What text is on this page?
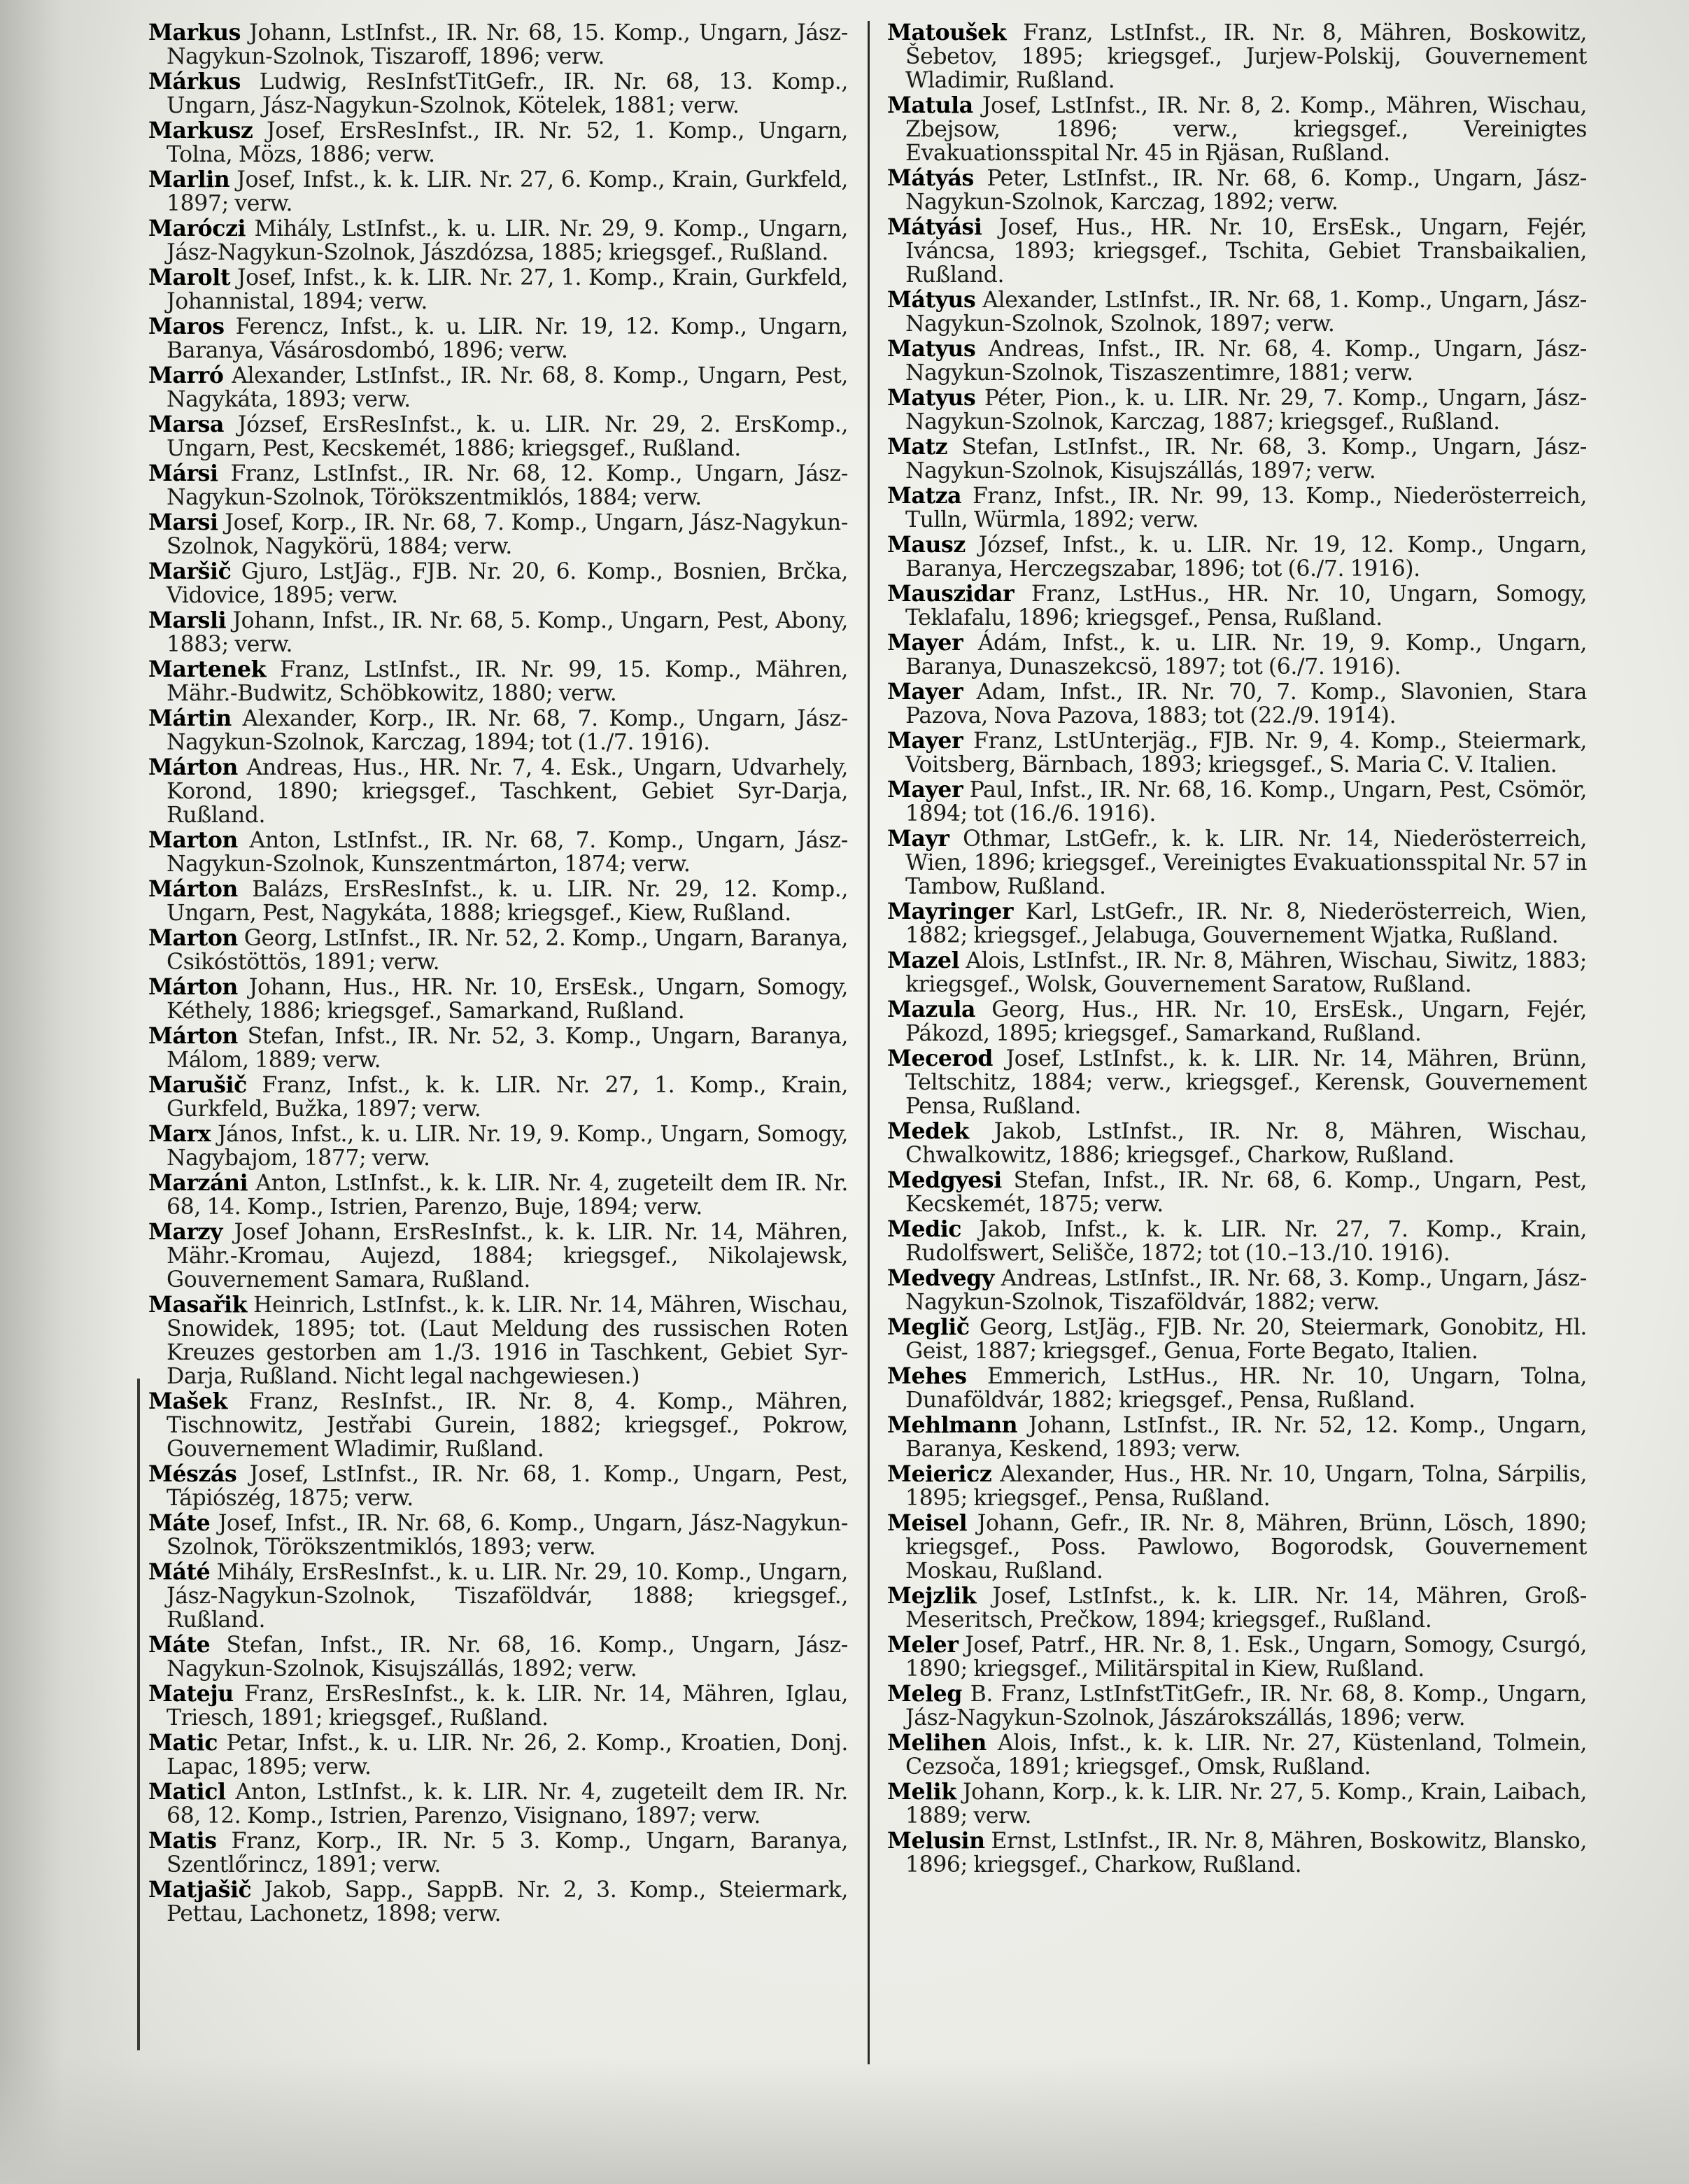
Markus Johann, LstInfst., IR. Nr. 68, 15. Komp., Ungarn, Jász-Nagykun-Szolnok, Tiszaroff, 1896; verw.

Márkus Ludwig, ResInfstTitGefr., IR. Nr. 68, 13. Komp., Ungarn, Jász-Nagykun-Szolnok, Kötelek, 1881; verw.

Markusz Josef, ErsResInfst., IR. Nr. 52, 1. Komp., Ungarn, Tolna, Mözs, 1886; verw.

Marlin Josef, Infst., k. k. LIR. Nr. 27, 6. Komp., Krain, Gurkfeld, 1897; verw.

Maróczi Mihály, LstInfst., k. u. LIR. Nr. 29, 9. Komp., Ungarn, Jász-Nagykun-Szolnok, Jászdózsa, 1885; kriegsgef., Rußland.

Marolt Josef, Infst., k. k. LIR. Nr. 27, 1. Komp., Krain, Gurkfeld, Johannistal, 1894; verw.

Maros Ferencz, Infst., k. u. LIR. Nr. 19, 12. Komp., Ungarn, Baranya, Vásárosdombó, 1896; verw.

Marró Alexander, LstInfst., IR. Nr. 68, 8. Komp., Ungarn, Pest, Nagykáta, 1893; verw.

Marsa József, ErsResInfst., k. u. LIR. Nr. 29, 2. ErsKomp., Ungarn, Pest, Kecskemét, 1886; kriegsgef., Rußland.

Mársi Franz, LstInfst., IR. Nr. 68, 12. Komp., Ungarn, Jász-Nagykun-Szolnok, Törökszentmiklós, 1884; verw.

Marsi Josef, Korp., IR. Nr. 68, 7. Komp., Ungarn, Jász-Nagykun-Szolnok, Nagykörü, 1884; verw.

Maršič Gjuro, LstJäg., FJB. Nr. 20, 6. Komp., Bosnien, Brčka, Vidovice, 1895; verw.

Marsli Johann, Infst., IR. Nr. 68, 5. Komp., Ungarn, Pest, Abony, 1883; verw.

Martenek Franz, LstInfst., IR. Nr. 99, 15. Komp., Mähren, Mähr.-Budwitz, Schöbkowitz, 1880; verw.

Mártin Alexander, Korp., IR. Nr. 68, 7. Komp., Ungarn, Jász-Nagykun-Szolnok, Karczag, 1894; tot (1./7. 1916).

Márton Andreas, Hus., HR. Nr. 7, 4. Esk., Ungarn, Udvarhely, Korond, 1890; kriegsgef., Taschkent, Gebiet Syr-Darja, Rußland.

Marton Anton, LstInfst., IR. Nr. 68, 7. Komp., Ungarn, Jász-Nagykun-Szolnok, Kunszentmárton, 1874; verw.

Márton Balázs, ErsResInfst., k. u. LIR. Nr. 29, 12. Komp., Ungarn, Pest, Nagykáta, 1888; kriegsgef., Kiew, Rußland.

Marton Georg, LstInfst., IR. Nr. 52, 2. Komp., Ungarn, Baranya, Csikóstöttös, 1891; verw.

Márton Johann, Hus., HR. Nr. 10, ErsEsk., Ungarn, Somogy, Kéthely, 1886; kriegsgef., Samarkand, Rußland.

Márton Stefan, Infst., IR. Nr. 52, 3. Komp., Ungarn, Baranya, Málom, 1889; verw.

Marušič Franz, Infst., k. k. LIR. Nr. 27, 1. Komp., Krain, Gurkfeld, Bužka, 1897; verw.

Marx János, Infst., k. u. LIR. Nr. 19, 9. Komp., Ungarn, Somogy, Nagybajom, 1877; verw.

Marzáni Anton, LstInfst., k. k. LIR. Nr. 4, zugeteilt dem IR. Nr. 68, 14. Komp., Istrien, Parenzo, Buje, 1894; verw.

Marzy Josef Johann, ErsResInfst., k. k. LIR. Nr. 14, Mähren, Mähr.-Kromau, Aujezd, 1884; kriegsgef., Nikolajewsk, Gouvernement Samara, Rußland.

Masařik Heinrich, LstInfst., k. k. LIR. Nr. 14, Mähren, Wischau, Snowidek, 1895; tot. (Laut Meldung des russischen Roten Kreuzes gestorben am 1./3. 1916 in Taschkent, Gebiet Syr-Darja, Rußland. Nicht legal nachgewiesen.)

Mašek Franz, ResInfst., IR. Nr. 8, 4. Komp., Mähren, Tischnowitz, Jestřabi Gurein, 1882; kriegsgef., Pokrow, Gouvernement Wladimir, Rußland.

Mészás Josef, LstInfst., IR. Nr. 68, 1. Komp., Ungarn, Pest, Tápiószég, 1875; verw.

Máte Josef, Infst., IR. Nr. 68, 6. Komp., Ungarn, Jász-Nagykun-Szolnok, Törökszentmiklós, 1893; verw.

Máté Mihály, ErsResInfst., k. u. LIR. Nr. 29, 10. Komp., Ungarn, Jász-Nagykun-Szolnok, Tiszaföldvár, 1888; kriegsgef., Rußland.

Máte Stefan, Infst., IR. Nr. 68, 16. Komp., Ungarn, Jász-Nagykun-Szolnok, Kisujszállás, 1892; verw.

Mateju Franz, ErsResInfst., k. k. LIR. Nr. 14, Mähren, Iglau, Triesch, 1891; kriegsgef., Rußland.

Matic Petar, Infst., k. u. LIR. Nr. 26, 2. Komp., Kroatien, Donj. Lapac, 1895; verw.

Maticl Anton, LstInfst., k. k. LIR. Nr. 4, zugeteilt dem IR. Nr. 68, 12. Komp., Istrien, Parenzo, Visignano, 1897; verw.

Matis Franz, Korp., IR. Nr. 5 3. Komp., Ungarn, Baranya, Szentlőrincz, 1891; verw.

Matjašič Jakob, Sapp., SappB. Nr. 2, 3. Komp., Steiermark, Pettau, Lachonetz, 1898; verw.

Matoušek Franz, LstInfst., IR. Nr. 8, Mähren, Boskowitz, Šebetov, 1895; kriegsgef., Jurjew-Polskij, Gouvernement Wladimir, Rußland.

Matula Josef, LstInfst., IR. Nr. 8, 2. Komp., Mähren, Wischau, Zbejsow, 1896; verw., kriegsgef., Vereinigtes Evakuationsspital Nr. 45 in Rjäsan, Rußland.

Mátyás Peter, LstInfst., IR. Nr. 68, 6. Komp., Ungarn, Jász-Nagykun-Szolnok, Karczag, 1892; verw.

Mátyási Josef, Hus., HR. Nr. 10, ErsEsk., Ungarn, Fejér, Iváncsa, 1893; kriegsgef., Tschita, Gebiet Transbaikalien, Rußland.

Mátyus Alexander, LstInfst., IR. Nr. 68, 1. Komp., Ungarn, Jász-Nagykun-Szolnok, Szolnok, 1897; verw.

Matyus Andreas, Infst., IR. Nr. 68, 4. Komp., Ungarn, Jász-Nagykun-Szolnok, Tiszaszentimre, 1881; verw.

Matyus Péter, Pion., k. u. LIR. Nr. 29, 7. Komp., Ungarn, Jász-Nagykun-Szolnok, Karczag, 1887; kriegsgef., Rußland.

Matz Stefan, LstInfst., IR. Nr. 68, 3. Komp., Ungarn, Jász-Nagykun-Szolnok, Kisujszállás, 1897; verw.

Matza Franz, Infst., IR. Nr. 99, 13. Komp., Niederösterreich, Tulln, Würmla, 1892; verw.

Mausz József, Infst., k. u. LIR. Nr. 19, 12. Komp., Ungarn, Baranya, Herczegszabar, 1896; tot (6./7. 1916).

Mauszidar Franz, LstHus., HR. Nr. 10, Ungarn, Somogy, Teklafalu, 1896; kriegsgef., Pensa, Rußland.

Mayer Ádám, Infst., k. u. LIR. Nr. 19, 9. Komp., Ungarn, Baranya, Dunaszekcsö, 1897; tot (6./7. 1916).

Mayer Adam, Infst., IR. Nr. 70, 7. Komp., Slavonien, Stara Pazova, Nova Pazova, 1883; tot (22./9. 1914).

Mayer Franz, LstUnterjäg., FJB. Nr. 9, 4. Komp., Steiermark, Voitsberg, Bärnbach, 1893; kriegsgef., S. Maria C. V. Italien.

Mayer Paul, Infst., IR. Nr. 68, 16. Komp., Ungarn, Pest, Csömör, 1894; tot (16./6. 1916).

Mayr Othmar, LstGefr., k. k. LIR. Nr. 14, Niederösterreich, Wien, 1896; kriegsgef., Vereinigtes Evakuationsspital Nr. 57 in Tambow, Rußland.

Mayringer Karl, LstGefr., IR. Nr. 8, Niederösterreich, Wien, 1882; kriegsgef., Jelabuga, Gouvernement Wjatka, Rußland.

Mazel Alois, LstInfst., IR. Nr. 8, Mähren, Wischau, Siwitz, 1883; kriegsgef., Wolsk, Gouvernement Saratow, Rußland.

Mazula Georg, Hus., HR. Nr. 10, ErsEsk., Ungarn, Fejér, Pákozd, 1895; kriegsgef., Samarkand, Rußland.

Mecerod Josef, LstInfst., k. k. LIR. Nr. 14, Mähren, Brünn, Teltschitz, 1884; verw., kriegsgef., Kerensk, Gouvernement Pensa, Rußland.

Medek Jakob, LstInfst., IR. Nr. 8, Mähren, Wischau, Chwalkowitz, 1886; kriegsgef., Charkow, Rußland.

Medgyesi Stefan, Infst., IR. Nr. 68, 6. Komp., Ungarn, Pest, Kecskemét, 1875; verw.

Medic Jakob, Infst., k. k. LIR. Nr. 27, 7. Komp., Krain, Rudolfswert, Selišče, 1872; tot (10.–13./10. 1916).

Medvegy Andreas, LstInfst., IR. Nr. 68, 3. Komp., Ungarn, Jász-Nagykun-Szolnok, Tiszaföldvár, 1882; verw.

Meglič Georg, LstJäg., FJB. Nr. 20, Steiermark, Gonobitz, Hl. Geist, 1887; kriegsgef., Genua, Forte Begato, Italien.

Mehes Emmerich, LstHus., HR. Nr. 10, Ungarn, Tolna, Dunaföldvár, 1882; kriegsgef., Pensa, Rußland.

Mehlmann Johann, LstInfst., IR. Nr. 52, 12. Komp., Ungarn, Baranya, Keskend, 1893; verw.

Meiericz Alexander, Hus., HR. Nr. 10, Ungarn, Tolna, Sárpilis, 1895; kriegsgef., Pensa, Rußland.

Meisel Johann, Gefr., IR. Nr. 8, Mähren, Brünn, Lösch, 1890; kriegsgef., Poss. Pawlowo, Bogorodsk, Gouvernement Moskau, Rußland.

Mejzlik Josef, LstInfst., k. k. LIR. Nr. 14, Mähren, Groß-Meseritsch, Prečkow, 1894; kriegsgef., Rußland.

Meler Josef, Patrf., HR. Nr. 8, 1. Esk., Ungarn, Somogy, Csurgó, 1890; kriegsgef., Militärspital in Kiew, Rußland.

Meleg B. Franz, LstInfstTitGefr., IR. Nr. 68, 8. Komp., Ungarn, Jász-Nagykun-Szolnok, Jászárokszállás, 1896; verw.

Melihen Alois, Infst., k. k. LIR. Nr. 27, Küstenland, Tolmein, Cezsoča, 1891; kriegsgef., Omsk, Rußland.

Melik Johann, Korp., k. k. LIR. Nr. 27, 5. Komp., Krain, Laibach, 1889; verw.

Melusin Ernst, LstInfst., IR. Nr. 8, Mähren, Boskowitz, Blansko, 1896; kriegsgef., Charkow, Rußland.
